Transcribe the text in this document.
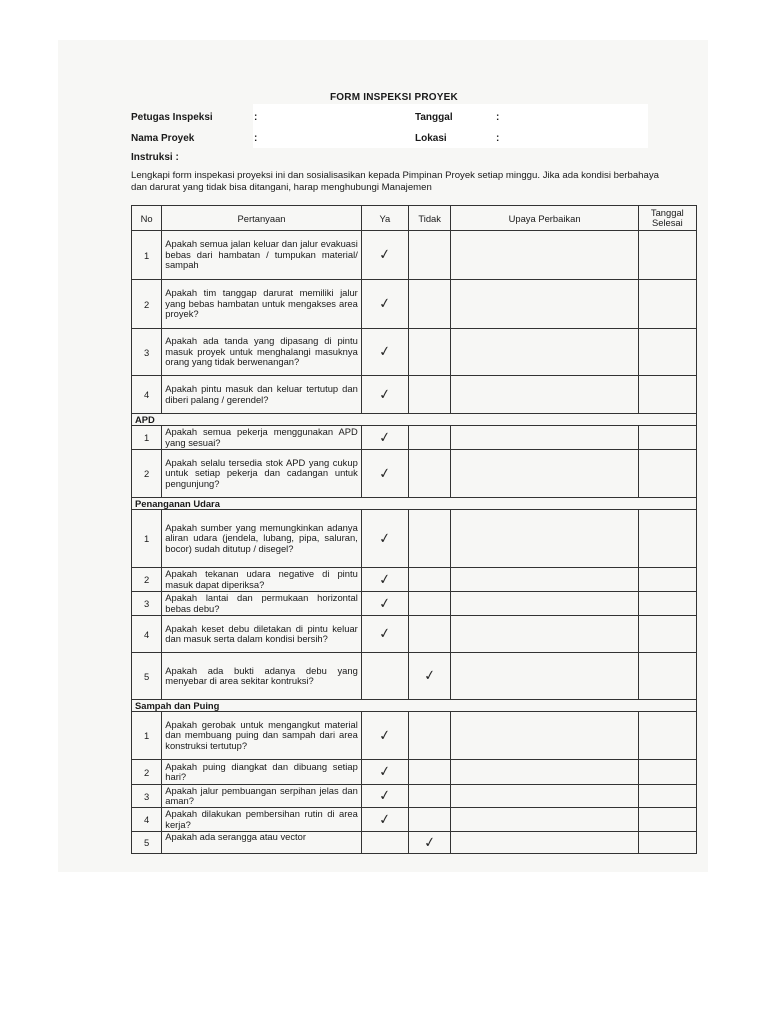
FORM INSPEKSI PROYEK
Petugas Inspeksi	:	Tanggal	:
Nama Proyek	:	Lokasi	:
Instruksi :
Lengkapi form inspekasi proyeksi ini dan sosialisasikan kepada Pimpinan Proyek setiap minggu. Jika ada kondisi berbahaya dan darurat yang tidak bisa ditangani, harap menghubungi Manajemen
No	Pertanyaan	Ya	Tidak	Upaya Perbaikan	Tanggal Selesai
1	Apakah semua jalan keluar dan jalur evakuasi bebas dari hambatan / tumpukan material/ sampah	✓			
2	Apakah tim tanggap darurat memiliki jalur yang bebas hambatan untuk mengakses area proyek?	✓			
3	Apakah ada tanda yang dipasang di pintu masuk proyek untuk menghalangi masuknya orang yang tidak berwenangan?	✓			
4	Apakah pintu masuk dan keluar tertutup dan diberi palang / gerendel?	✓			
APD					
1	Apakah semua pekerja menggunakan APD yang sesuai?	✓			
2	Apakah selalu tersedia stok APD yang cukup untuk setiap pekerja dan cadangan untuk pengunjung?	✓			
Penanganan Udara					
1	Apakah sumber yang memungkinkan adanya aliran udara (jendela, lubang, pipa, saluran, bocor) sudah ditutup / disegel?	✓			
2	Apakah tekanan udara negative di pintu masuk dapat diperiksa?	✓			
3	Apakah lantai dan permukaan horizontal bebas debu?	✓			
4	Apakah keset debu diletakan di pintu keluar dan masuk serta dalam kondisi bersih?	✓			
5	Apakah ada bukti adanya debu yang menyebar di area sekitar kontruksi?		✓		
Sampah dan Puing					
1	Apakah gerobak untuk mengangkut material dan membuang puing dan sampah dari area konstruksi tertutup?	✓			
2	Apakah puing diangkat dan dibuang setiap hari?	✓			
3	Apakah jalur pembuangan serpihan jelas dan aman?	✓			
4	Apakah dilakukan pembersihan rutin di area kerja?	✓			
5	Apakah ada serangga atau vector		✓		
